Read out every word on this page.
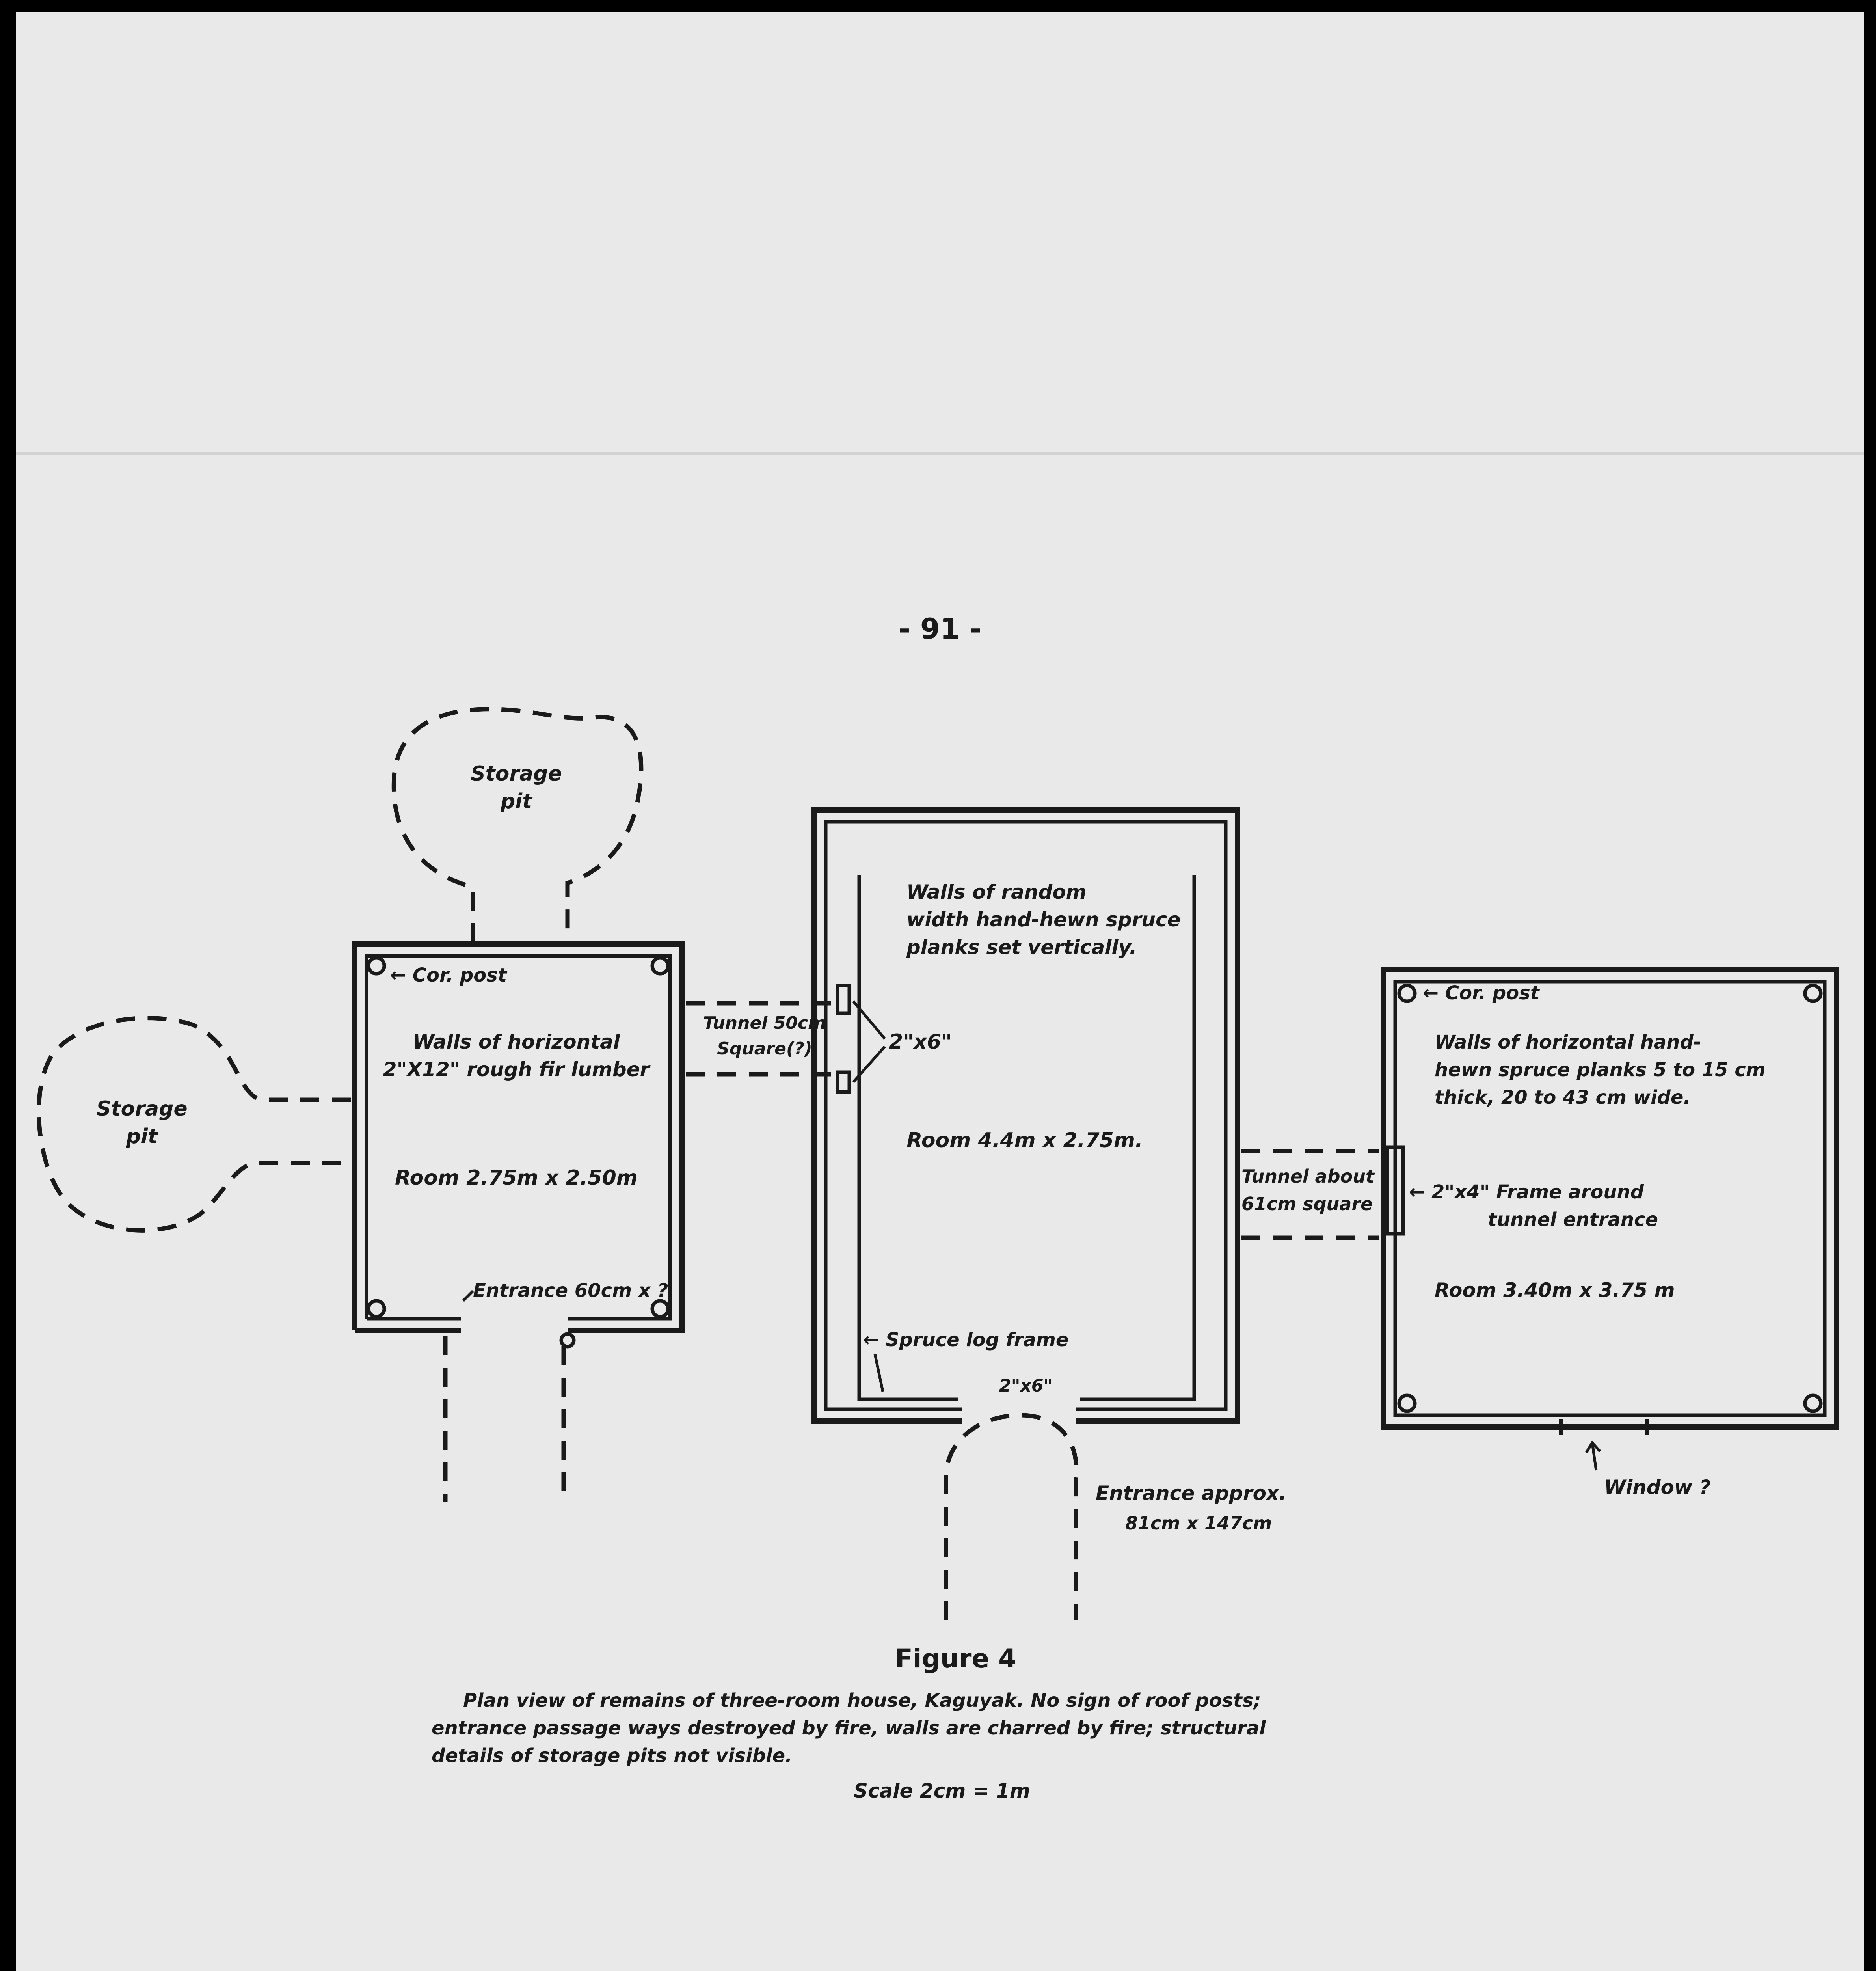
- 91 -
← Cor. post
Walls of horizontal
2"X12" rough fir lumber
Room 2.75m x 2.50m
Entrance 60cm x ?
Storage
pit
Storage
pit
Tunnel 50cm
Square(?)
Walls of random
width hand-hewn spruce
planks set vertically.
2"x6"
Room 4.4m x 2.75m.
← Spruce log frame
2"x6"
Entrance approx.
81cm x 147cm
Tunnel about
61cm square
← Cor. post
Walls of horizontal hand-
hewn spruce planks 5 to 15 cm
thick, 20 to 43 cm wide.
← 2"x4" Frame around
tunnel entrance
Room 3.40m x 3.75 m
Window ?
Figure 4
Plan view of remains of three-room house, Kaguyak. No sign of roof posts;
entrance passage ways destroyed by fire, walls are charred by fire; structural
details of storage pits not visible.
Scale 2cm = 1m
